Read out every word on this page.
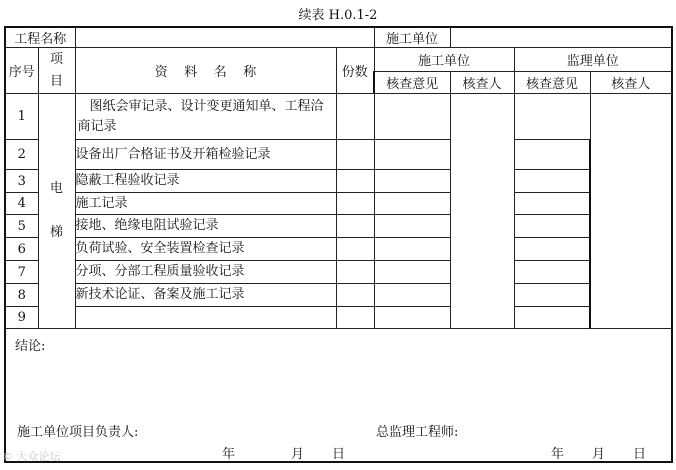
续表 H.0.1-2
工程名称				施工单位			
序号	项目	资    料    名    称	份数	施工单位		监理单位	
				核查意见	核查人	核查意见	核查人
1	电梯	图纸会审记录、设计变更通知单、工程洽商记录					
2		设备出厂合格证书及开箱检验记录					
3		隐蔽工程验收记录					
4		施工记录					
5		接地、绝缘电阻试验记录					
6		负荷试验、安全装置检查记录					
7		分项、分部工程质量验收记录					
8		新技术论证、备案及施工记录					
9							

结论:
施工单位项目负责人: 总监理工程师:
年 月 日 年 月 日							
© 大众论坛
